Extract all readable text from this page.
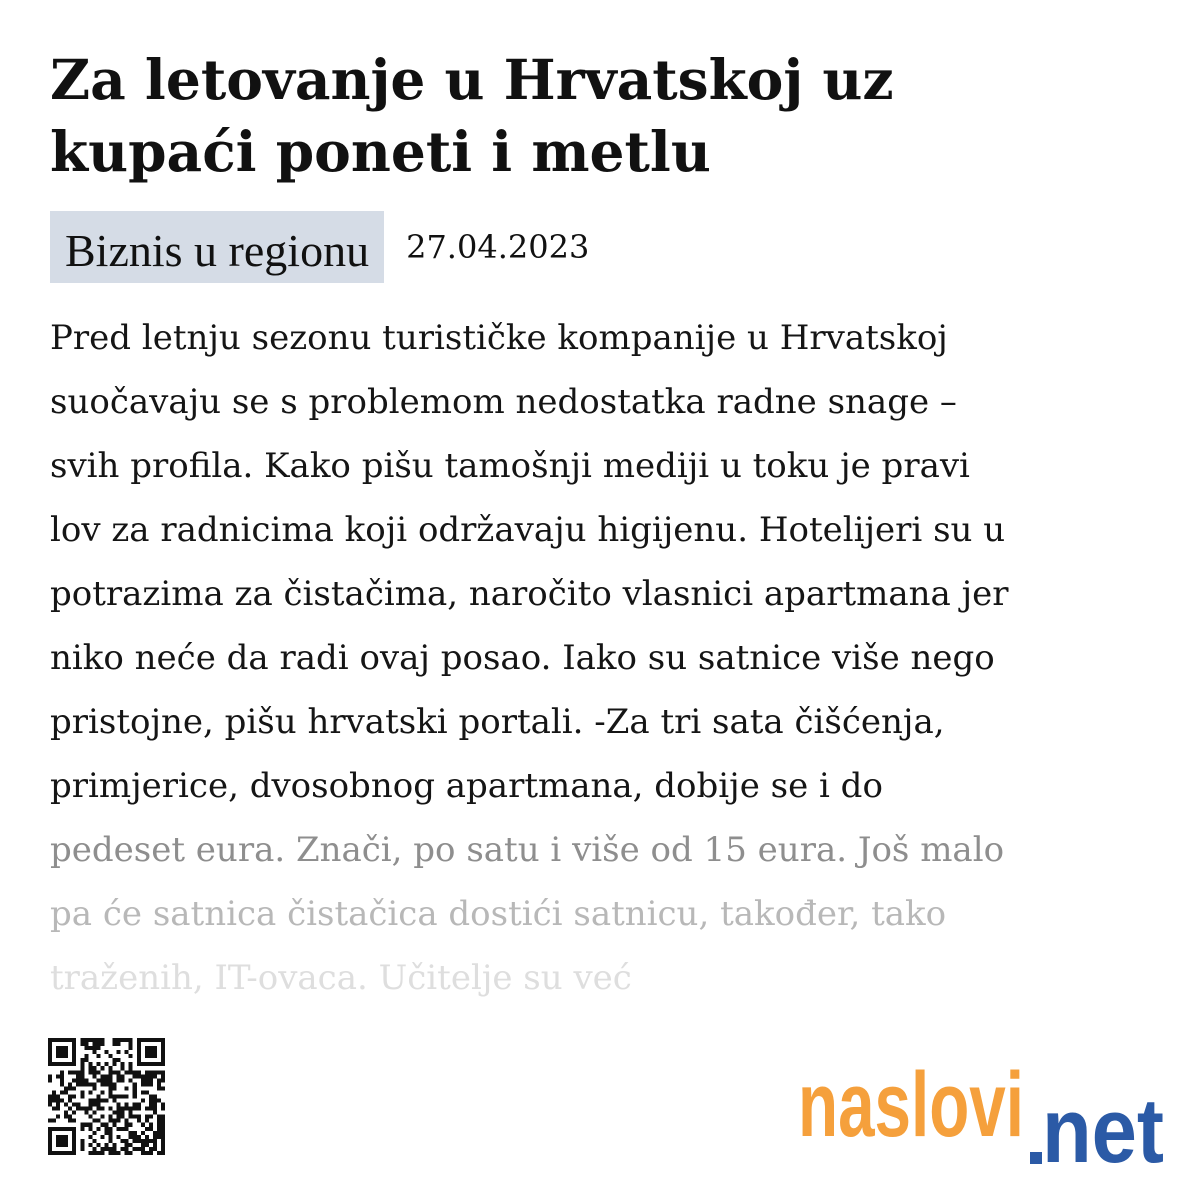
Za letovanje u Hrvatskoj uz
kupaći poneti i metlu
Biznis u regionu	27.04.2023
Pred letnju sezonu turističke kompanije u Hrvatskoj
suočavaju se s problemom nedostatka radne snage –
svih profila. Kako pišu tamošnji mediji u toku je pravi
lov za radnicima koji održavaju higijenu. Hotelijeri su u
potrazima za čistačima, naročito vlasnici apartmana jer
niko neće da radi ovaj posao. Iako su satnice više nego
pristojne, pišu hrvatski portali. -Za tri sata čišćenja,
primjerice, dvosobnog apartmana, dobije se i do
pedeset eura. Znači, po satu i više od 15 eura. Još malo
pa će satnica čistačica dostići satnicu, također, tako
traženih, IT-ovaca. Učitelje su već
naslovi net
